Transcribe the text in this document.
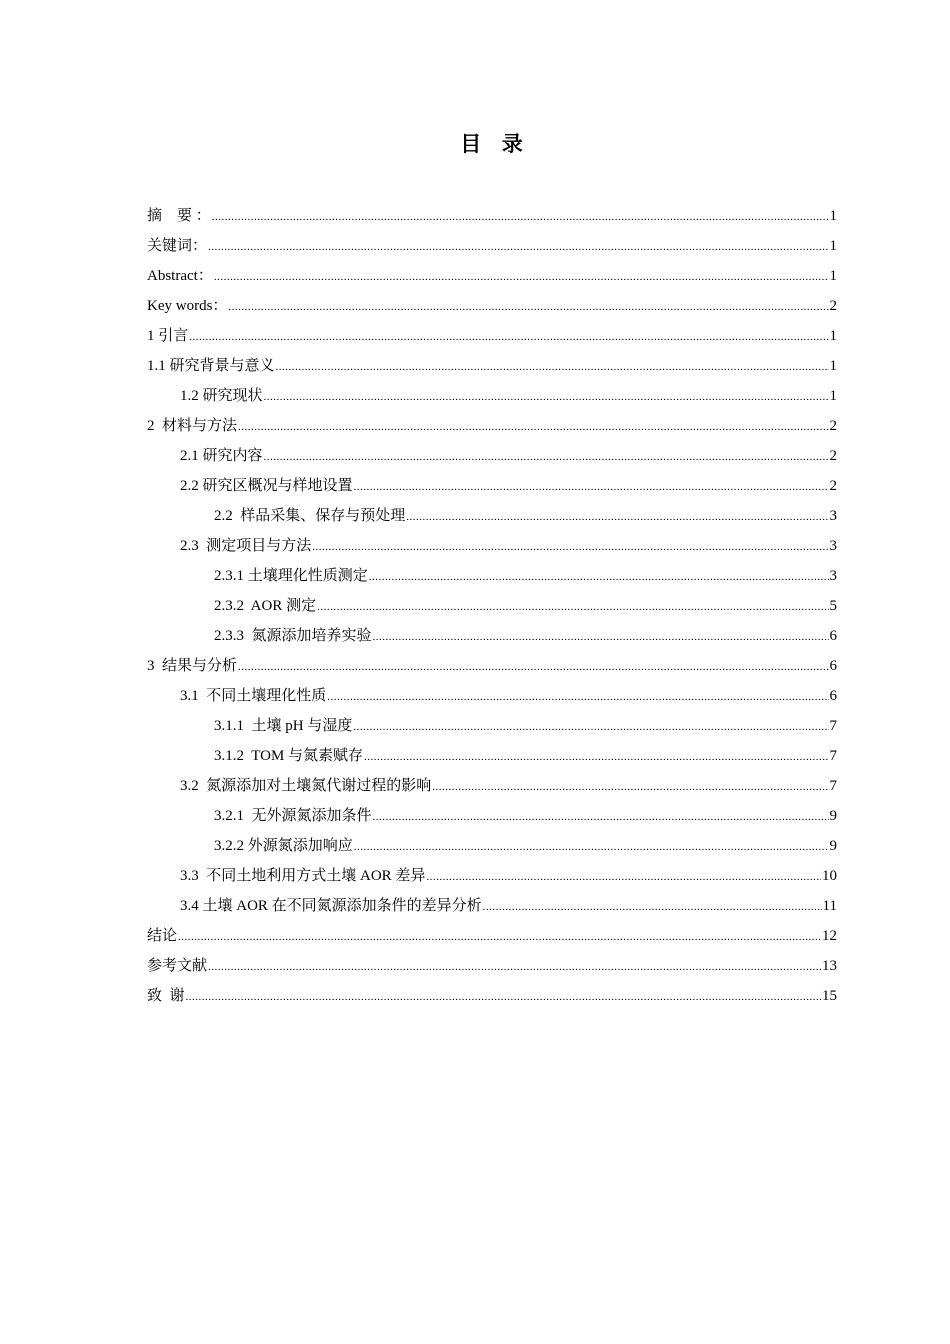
目  录
摘    要 ： .....	1
关键词： .....	1
Abstract： .....	1
Key words： .....	2
1 引言 .....	1
1.1 研究背景与意义 .....	1
1.2 研究现状 .....	1
2  材料与方法 .....	2
2.1 研究内容 .....	2
2.2 研究区概况与样地设置 .....	2
2.2  样品采集、保存与预处理 .....	3
2.3  测定项目与方法 .....	3
2.3.1 土壤理化性质测定 .....	3
2.3.2  AOR 测定 .....	5
2.3.3  氮源添加培养实验 .....	6
3  结果与分析 .....	6
3.1  不同土壤理化性质 .....	6
3.1.1  土壤 pH 与湿度 .....	7
3.1.2  TOM 与氮素赋存 .....	7
3.2  氮源添加对土壤氮代谢过程的影响 .....	7
3.2.1  无外源氮添加条件 .....	9
3.2.2 外源氮添加响应 .....	9
3.3  不同土地利用方式土壤 AOR 差异 .....	10
3.4 土壤 AOR 在不同氮源添加条件的差异分析 .....	11
结论 .....	12
参考文献 .....	13
致  谢 .....	15
